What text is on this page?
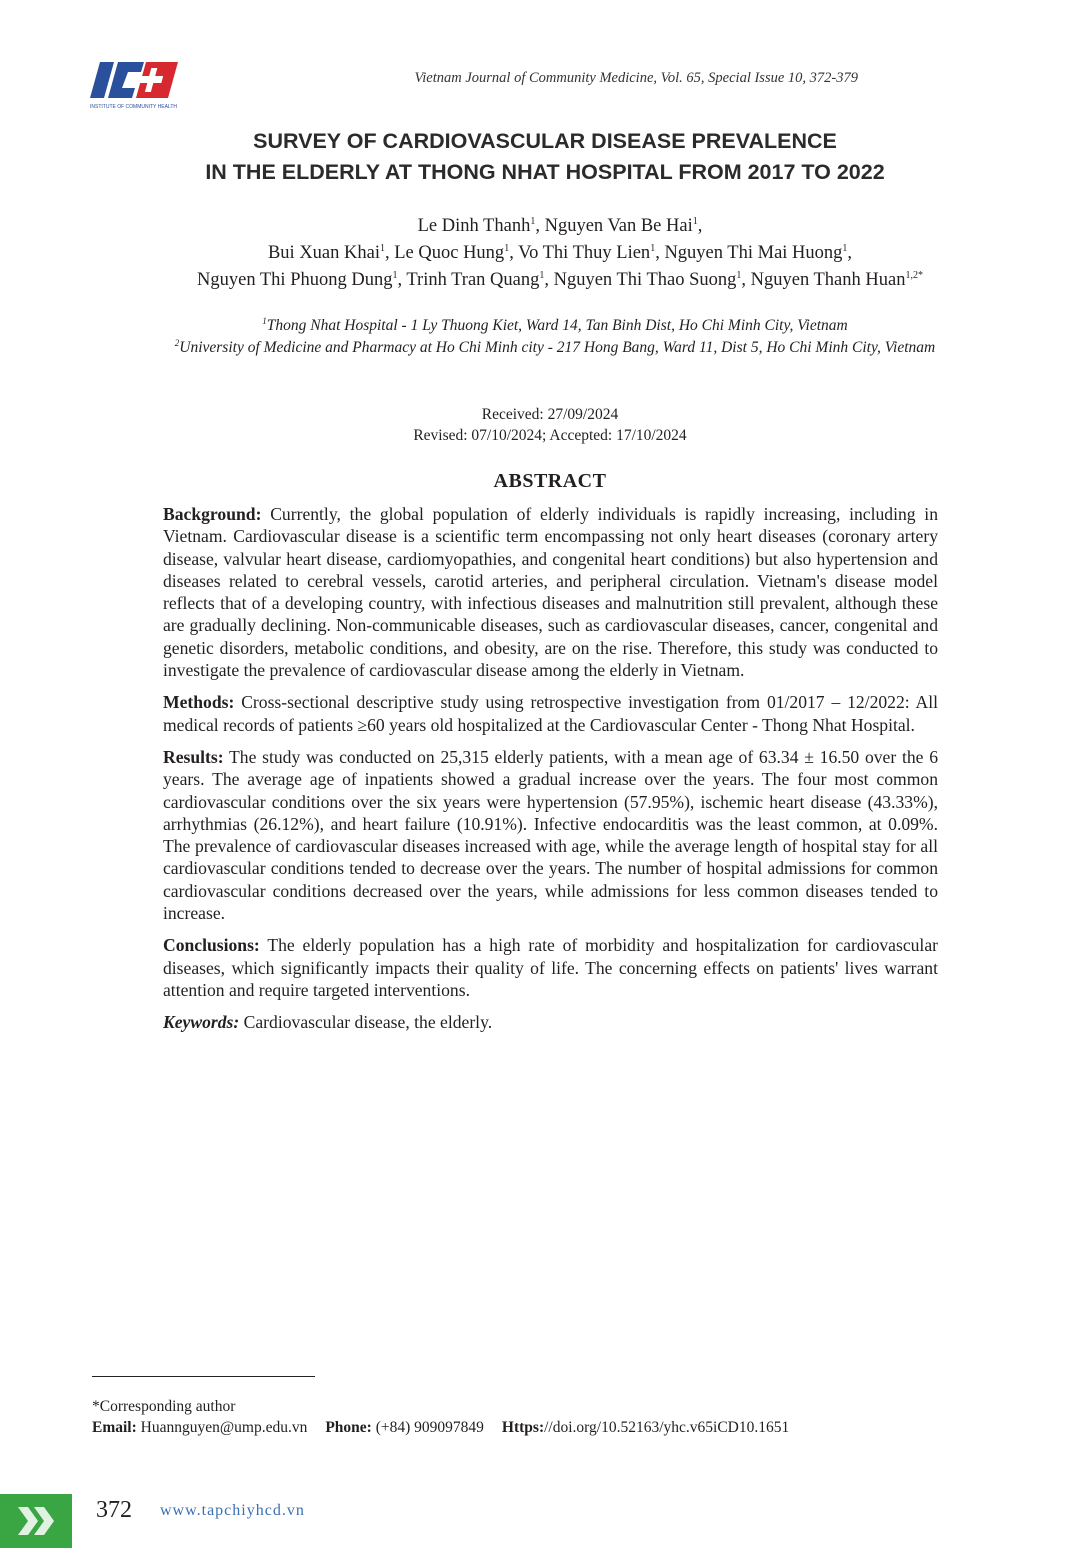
INSTITUTE OF COMMUNITY HEALTH
Vietnam Journal of Community Medicine, Vol. 65, Special Issue 10, 372-379
SURVEY OF CARDIOVASCULAR DISEASE PREVALENCE
IN THE ELDERLY AT THONG NHAT HOSPITAL FROM 2017 TO 2022
Le Dinh Thanh$^1$, Nguyen Van Be Hai$^1$,
Bui Xuan Khai$^1$, Le Quoc Hung$^1$, Vo Thi Thuy Lien$^1$, Nguyen Thi Mai Huong$^1$,
Nguyen Thi Phuong Dung$^1$, Trinh Tran Quang$^1$, Nguyen Thi Thao Suong$^1$, Nguyen Thanh Huan$^{1,2*}$
$^1$Thong Nhat Hospital - 1 Ly Thuong Kiet, Ward 14, Tan Binh Dist, Ho Chi Minh City, Vietnam
$^2$University of Medicine and Pharmacy at Ho Chi Minh city - 217 Hong Bang, Ward 11, Dist 5, Ho Chi Minh City, Vietnam
Received: 27/09/2024
Revised: 07/10/2024; Accepted: 17/10/2024
ABSTRACT

Background: Currently, the global population of elderly individuals is rapidly increasing, including in Vietnam. Cardiovascular disease is a scientific term encompassing not only heart diseases (coronary artery disease, valvular heart disease, cardiomyopathies, and congenital heart conditions) but also hypertension and diseases related to cerebral vessels, carotid arteries, and peripheral circulation. Vietnam's disease model reflects that of a developing country, with infectious diseases and malnutrition still prevalent, although these are gradually declining. Non-communicable diseases, such as cardiovascular diseases, cancer, congenital and genetic disorders, metabolic conditions, and obesity, are on the rise. Therefore, this study was conducted to investigate the prevalence of cardiovascular disease among the elderly in Vietnam.

Methods: Cross-sectional descriptive study using retrospective investigation from 01/2017 – 12/2022: All medical records of patients ≥60 years old hospitalized at the Cardiovascular Center - Thong Nhat Hospital.

Results: The study was conducted on 25,315 elderly patients, with a mean age of 63.34 ± 16.50 over the 6 years. The average age of inpatients showed a gradual increase over the years. The four most common cardiovascular conditions over the six years were hypertension (57.95%), ischemic heart disease (43.33%), arrhythmias (26.12%), and heart failure (10.91%). Infective endocarditis was the least common, at 0.09%. The prevalence of cardiovascular diseases increased with age, while the average length of hospital stay for all cardiovascular conditions tended to decrease over the years. The number of hospital admissions for common cardiovascular conditions decreased over the years, while admissions for less common diseases tended to increase.

Conclusions: The elderly population has a high rate of morbidity and hospitalization for cardiovascular diseases, which significantly impacts their quality of life. The concerning effects on patients' lives warrant attention and require targeted interventions.

Keywords: Cardiovascular disease, the elderly.

*Corresponding author
Email: Huannguyen@ump.edu.vn Phone: (+84) 909097849 Https://doi.org/10.52163/yhc.v65iCD10.1651
372 www.tapchiyhcd.vn
